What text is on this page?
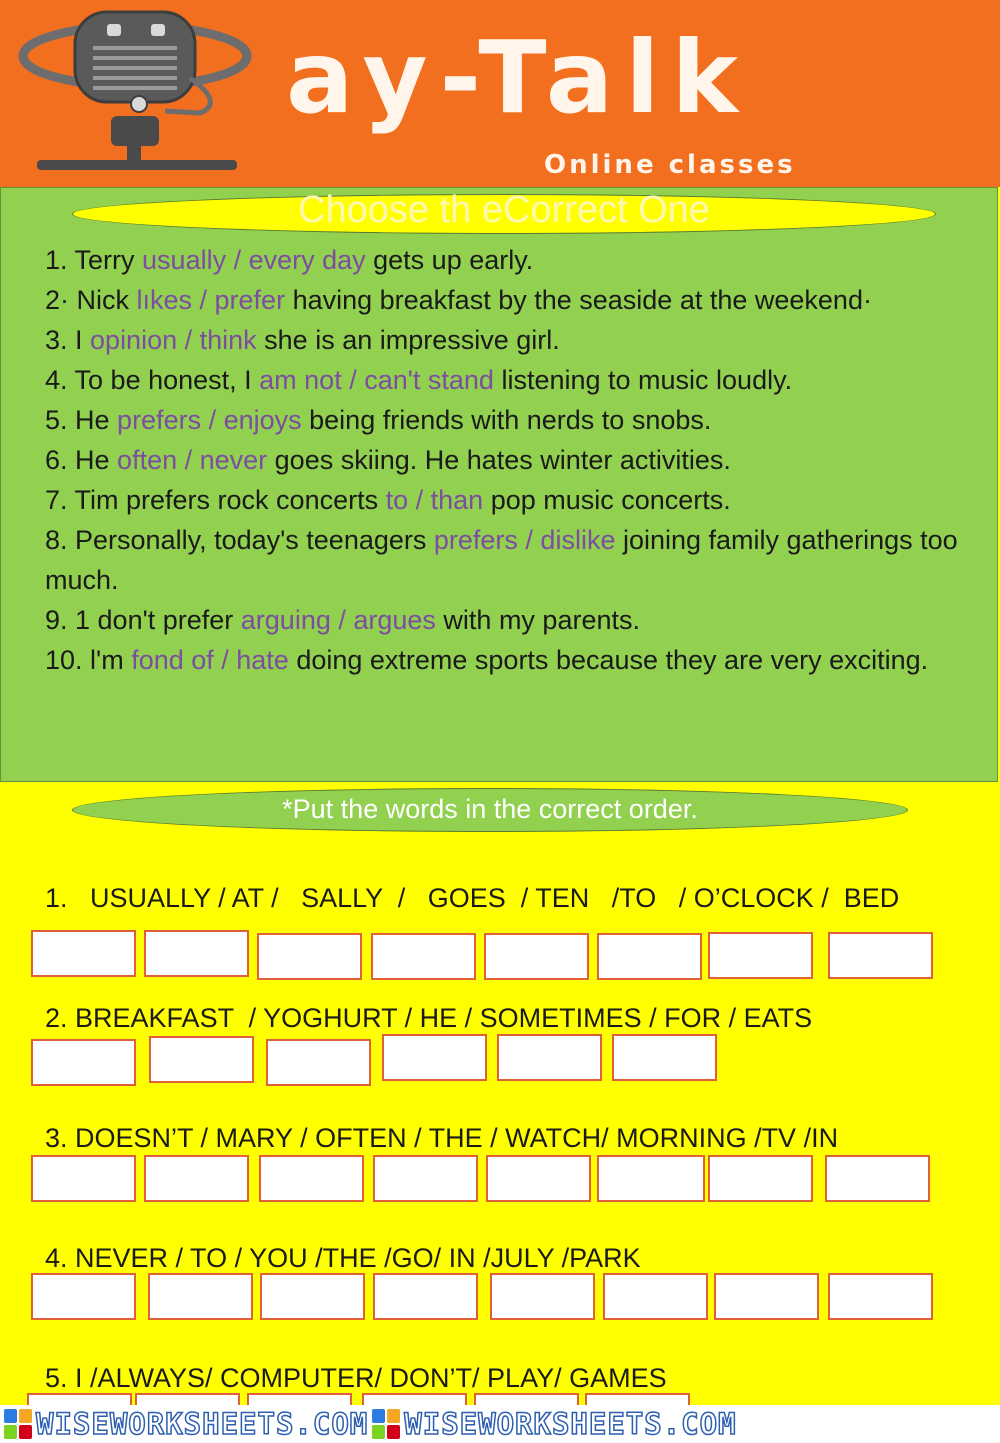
ay-Talk
Online classes
Choose th eCorrect One
1. Terry usually / every day gets up early.
2· Nick lıkes / prefer having breakfast by the seaside at the weekend·
3. I opinion / think she is an impressive girl.
4. To be honest, I am not / can't stand listening to music loudly.
5. He prefers / enjoys being friends with nerds to snobs.
6. He often / never goes skiing. He hates winter activities.
7. Tim prefers rock concerts to / than pop music concerts.
8. Personally, today's teenagers prefers / dislike joining family gatherings too much.
9. 1 don't prefer arguing / argues with my parents.
10. l'm fond of / hate doing extreme sports because they are very exciting.
*Put the words in the correct order.
1.   USUALLY / AT /   SALLY  /   GOES  / TEN   /TO   / O’CLOCK /  BED
2. BREAKFAST  / YOGHURT / HE / SOMETIMES / FOR / EATS
3. DOESN’T / MARY / OFTEN / THE / WATCH/ MORNING /TV /IN
4. NEVER / TO / YOU /THE /GO/ IN /JULY /PARK
5. I /ALWAYS/ COMPUTER/ DON’T/ PLAY/ GAMES
WISEWORKSHEETS.COM WISEWORKSHEETS.COM
